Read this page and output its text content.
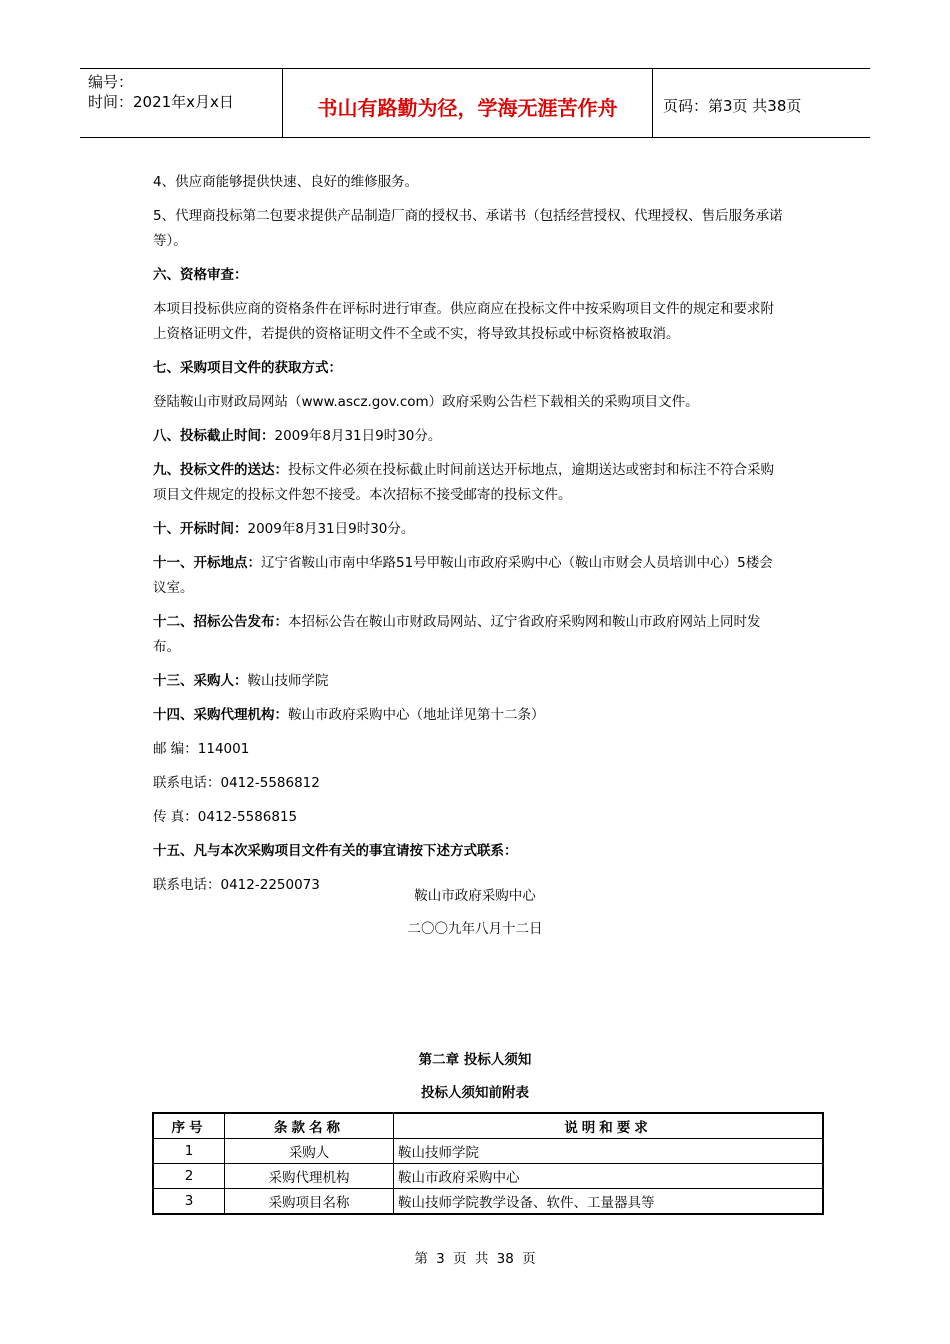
编号：
时间：2021年x月x日	书山有路勤为径，学海无涯苦作舟	页码：第3页 共38页

4、供应商能够提供快速、良好的维修服务。

5、代理商投标第二包要求提供产品制造厂商的授权书、承诺书（包括经营授权、代理授权、售后服务承诺

等）。

六、资格审查：

本项目投标供应商的资格条件在评标时进行审查。供应商应在投标文件中按采购项目文件的规定和要求附

上资格证明文件，若提供的资格证明文件不全或不实，将导致其投标或中标资格被取消。

七、采购项目文件的获取方式：

登陆鞍山市财政局网站（www.ascz.gov.com）政府采购公告栏下载相关的采购项目文件。

八、投标截止时间：2009年8月31日9时30分。

九、投标文件的送达：投标文件必须在投标截止时间前送达开标地点，逾期送达或密封和标注不符合采购

项目文件规定的投标文件恕不接受。本次招标不接受邮寄的投标文件。

十、开标时间：2009年8月31日9时30分。

十一、开标地点：辽宁省鞍山市南中华路51号甲鞍山市政府采购中心（鞍山市财会人员培训中心）5楼会

议室。

十二、招标公告发布：本招标公告在鞍山市财政局网站、辽宁省政府采购网和鞍山市政府网站上同时发

布。

十三、采购人：鞍山技师学院

十四、采购代理机构：鞍山市政府采购中心（地址详见第十二条）

邮 编：114001

联系电话：0412-5586812

传 真：0412-5586815

十五、凡与本次采购项目文件有关的事宜请按下述方式联系：

联系电话：0412-2250073

鞍山市政府采购中心
二〇〇九年八月十二日
第二章 投标人须知
投标人须知前附表
序号	条款名称	说明和要求
1	采购人	鞍山技师学院
2	采购代理机构	鞍山市政府采购中心
3	采购项目名称	鞍山技师学院教学设备、软件、工量器具等
第 3 页 共 38 页
